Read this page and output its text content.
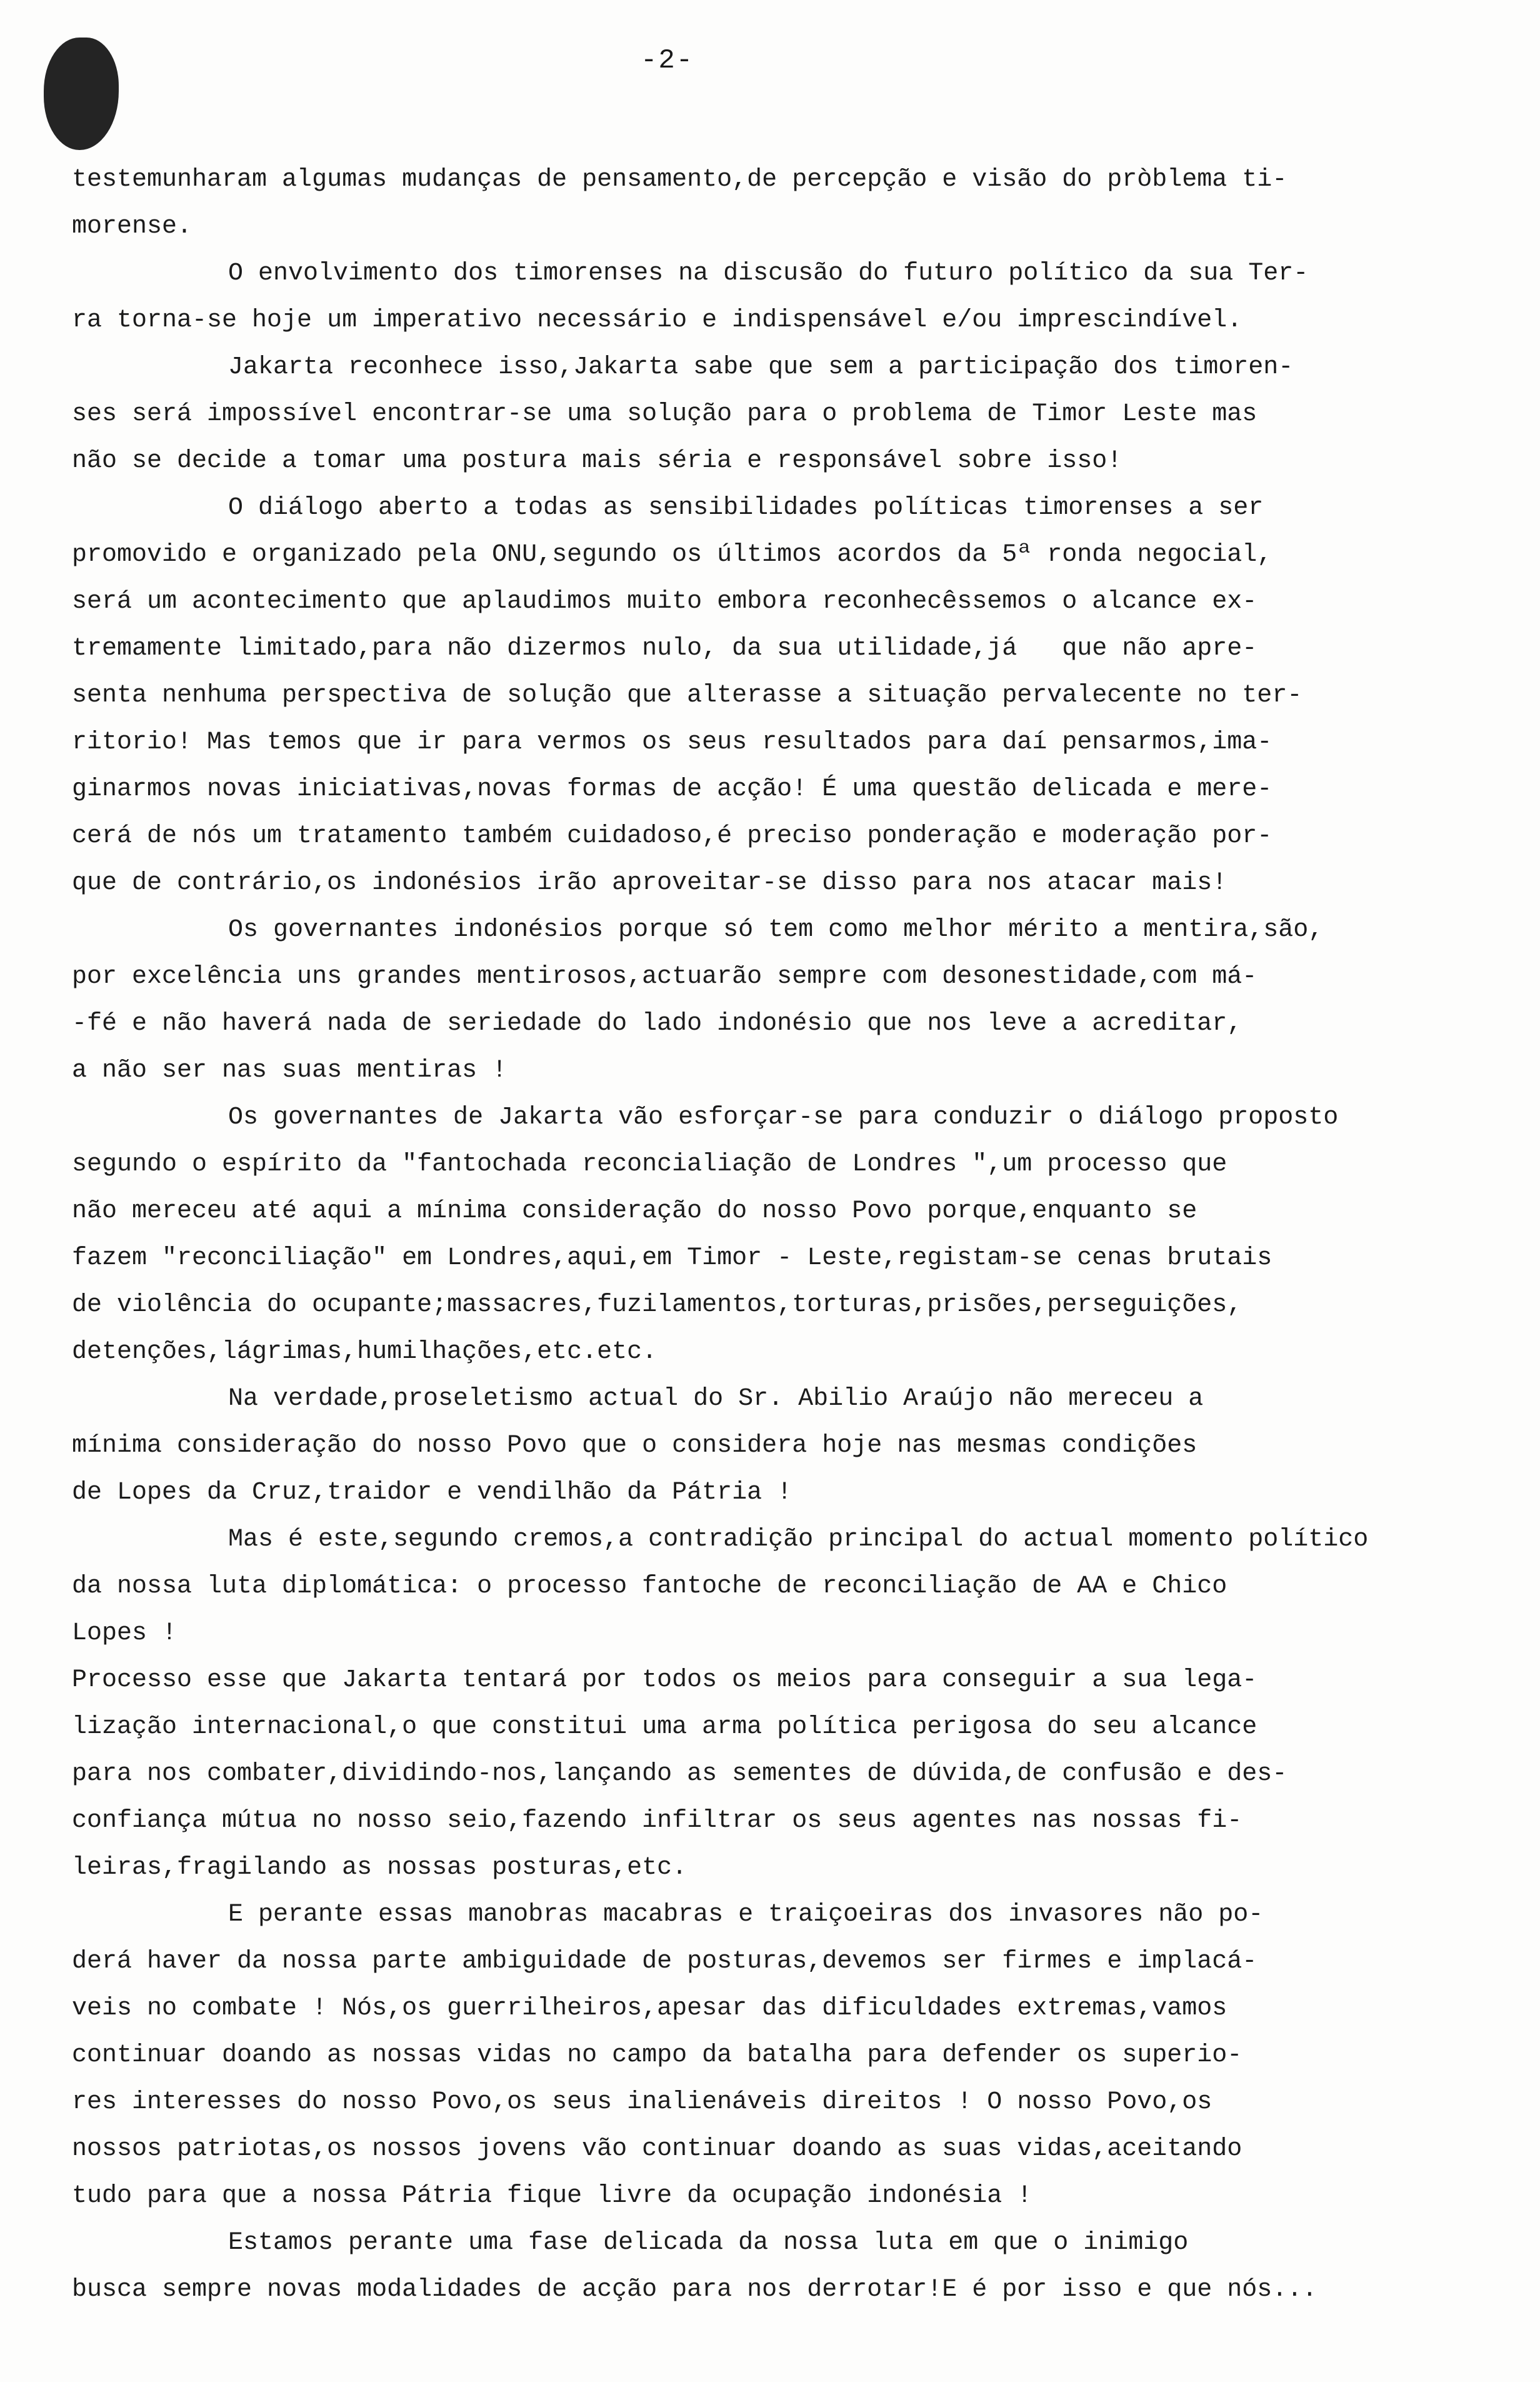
-2-
testemunharam algumas mudanças de pensamento,de percepção e visão do pròblema ti-
morense.
O envolvimento dos timorenses na discusão do futuro político da sua Ter-
ra torna-se hoje um imperativo necessário e indispensável e/ou imprescindível.
Jakarta reconhece isso,Jakarta sabe que sem a participação dos timoren-
ses será impossível encontrar-se uma solução para o problema de Timor Leste mas
não se decide a tomar uma postura mais séria e responsável sobre isso!
O diálogo aberto a todas as sensibilidades políticas timorenses a ser
promovido e organizado pela ONU,segundo os últimos acordos da 5ª ronda negocial,
será um acontecimento que aplaudimos muito embora reconhecêssemos o alcance ex-
tremamente limitado,para não dizermos nulo, da sua utilidade,já   que não apre-
senta nenhuma perspectiva de solução que alterasse a situação pervalecente no ter-
ritorio! Mas temos que ir para vermos os seus resultados para daí pensarmos,ima-
ginarmos novas iniciativas,novas formas de acção! É uma questão delicada e mere-
cerá de nós um tratamento também cuidadoso,é preciso ponderação e moderação por-
que de contrário,os indonésios irão aproveitar-se disso para nos atacar mais!
Os governantes indonésios porque só tem como melhor mérito a mentira,são,
por excelência uns grandes mentirosos,actuarão sempre com desonestidade,com má-
-fé e não haverá nada de seriedade do lado indonésio que nos leve a acreditar,
a não ser nas suas mentiras !
Os governantes de Jakarta vão esforçar-se para conduzir o diálogo proposto
segundo o espírito da "fantochada reconcialiação de Londres ",um processo que
não mereceu até aqui a mínima consideração do nosso Povo porque,enquanto se
fazem "reconciliação" em Londres,aqui,em Timor - Leste,registam-se cenas brutais
de violência do ocupante;massacres,fuzilamentos,torturas,prisões,perseguições,
detenções,lágrimas,humilhações,etc.etc.
Na verdade,proseletismo actual do Sr. Abilio Araújo não mereceu a
mínima consideração do nosso Povo que o considera hoje nas mesmas condições
de Lopes da Cruz,traidor e vendilhão da Pátria !
Mas é este,segundo cremos,a contradição principal do actual momento político
da nossa luta diplomática: o processo fantoche de reconciliação de AA e Chico
Lopes !
Processo esse que Jakarta tentará por todos os meios para conseguir a sua lega-
lização internacional,o que constitui uma arma política perigosa do seu alcance
para nos combater,dividindo-nos,lançando as sementes de dúvida,de confusão e des-
confiança mútua no nosso seio,fazendo infiltrar os seus agentes nas nossas fi-
leiras,fragilando as nossas posturas,etc.
E perante essas manobras macabras e traiçoeiras dos invasores não po-
derá haver da nossa parte ambiguidade de posturas,devemos ser firmes e implacá-
veis no combate ! Nós,os guerrilheiros,apesar das dificuldades extremas,vamos
continuar doando as nossas vidas no campo da batalha para defender os superio-
res interesses do nosso Povo,os seus inalienáveis direitos ! O nosso Povo,os
nossos patriotas,os nossos jovens vão continuar doando as suas vidas,aceitando
tudo para que a nossa Pátria fique livre da ocupação indonésia !
Estamos perante uma fase delicada da nossa luta em que o inimigo
busca sempre novas modalidades de acção para nos derrotar!E é por isso e que nós...
